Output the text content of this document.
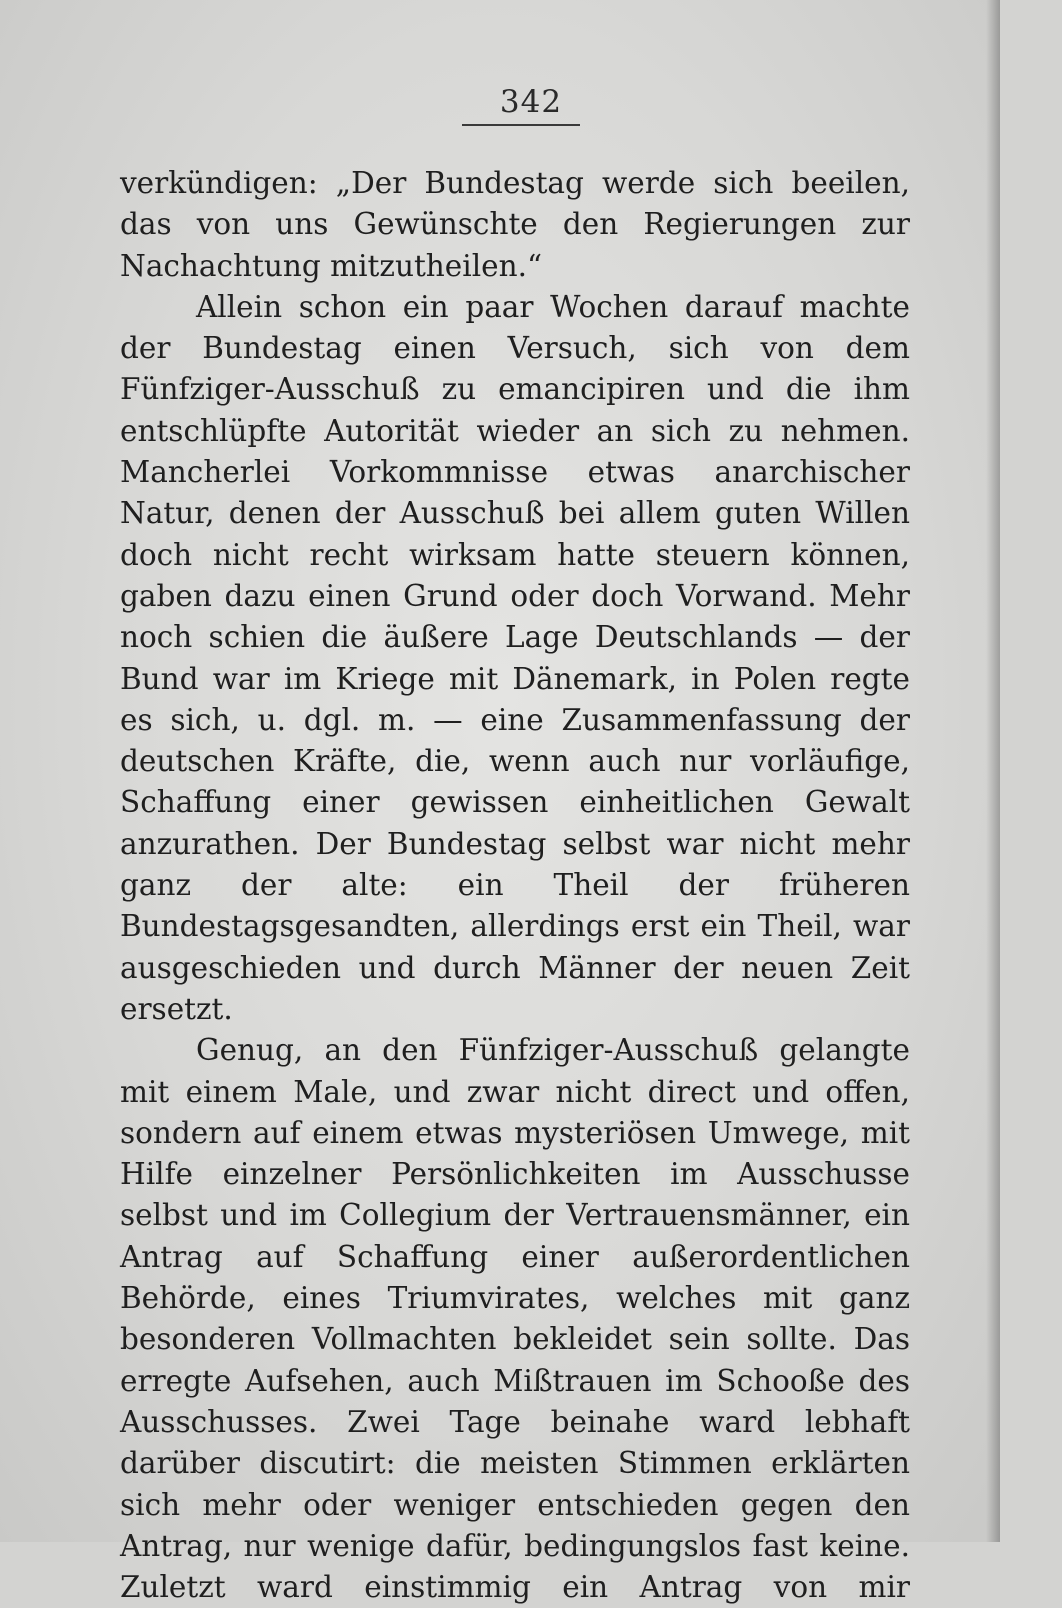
342

verkündigen: „Der Bundestag werde sich beeilen, das von uns Gewünschte den Regierungen zur Nachachtung mitzutheilen.“

Allein schon ein paar Wochen darauf machte der Bundestag einen Versuch, sich von dem Fünfziger-Ausschuß zu emancipiren und die ihm entschlüpfte Autorität wieder an sich zu nehmen. Mancherlei Vorkommnisse etwas anarchischer Natur, denen der Ausschuß bei allem guten Willen doch nicht recht wirksam hatte steuern können, gaben dazu einen Grund oder doch Vorwand. Mehr noch schien die äußere Lage Deutschlands — der Bund war im Kriege mit Dänemark, in Polen regte es sich, u. dgl. m. — eine Zusammenfassung der deutschen Kräfte, die, wenn auch nur vorläufige, Schaffung einer gewissen einheitlichen Gewalt anzurathen. Der Bundestag selbst war nicht mehr ganz der alte: ein Theil der früheren Bundestagsgesandten, allerdings erst ein Theil, war ausgeschieden und durch Männer der neuen Zeit ersetzt.

Genug, an den Fünfziger-Ausschuß gelangte mit einem Male, und zwar nicht direct und offen, sondern auf einem etwas mysteriösen Umwege, mit Hilfe einzelner Persönlichkeiten im Ausschusse selbst und im Collegium der Vertrauensmänner, ein Antrag auf Schaffung einer außerordentlichen Behörde, eines Triumvirates, welches mit ganz besonderen Vollmachten bekleidet sein sollte. Das erregte Aufsehen, auch Mißtrauen im Schooße des Ausschusses. Zwei Tage beinahe ward lebhaft darüber discutirt: die meisten Stimmen erklärten sich mehr oder weniger entschieden gegen den Antrag, nur wenige dafür, bedingungslos fast keine. Zuletzt ward einstimmig ein Antrag von mir
